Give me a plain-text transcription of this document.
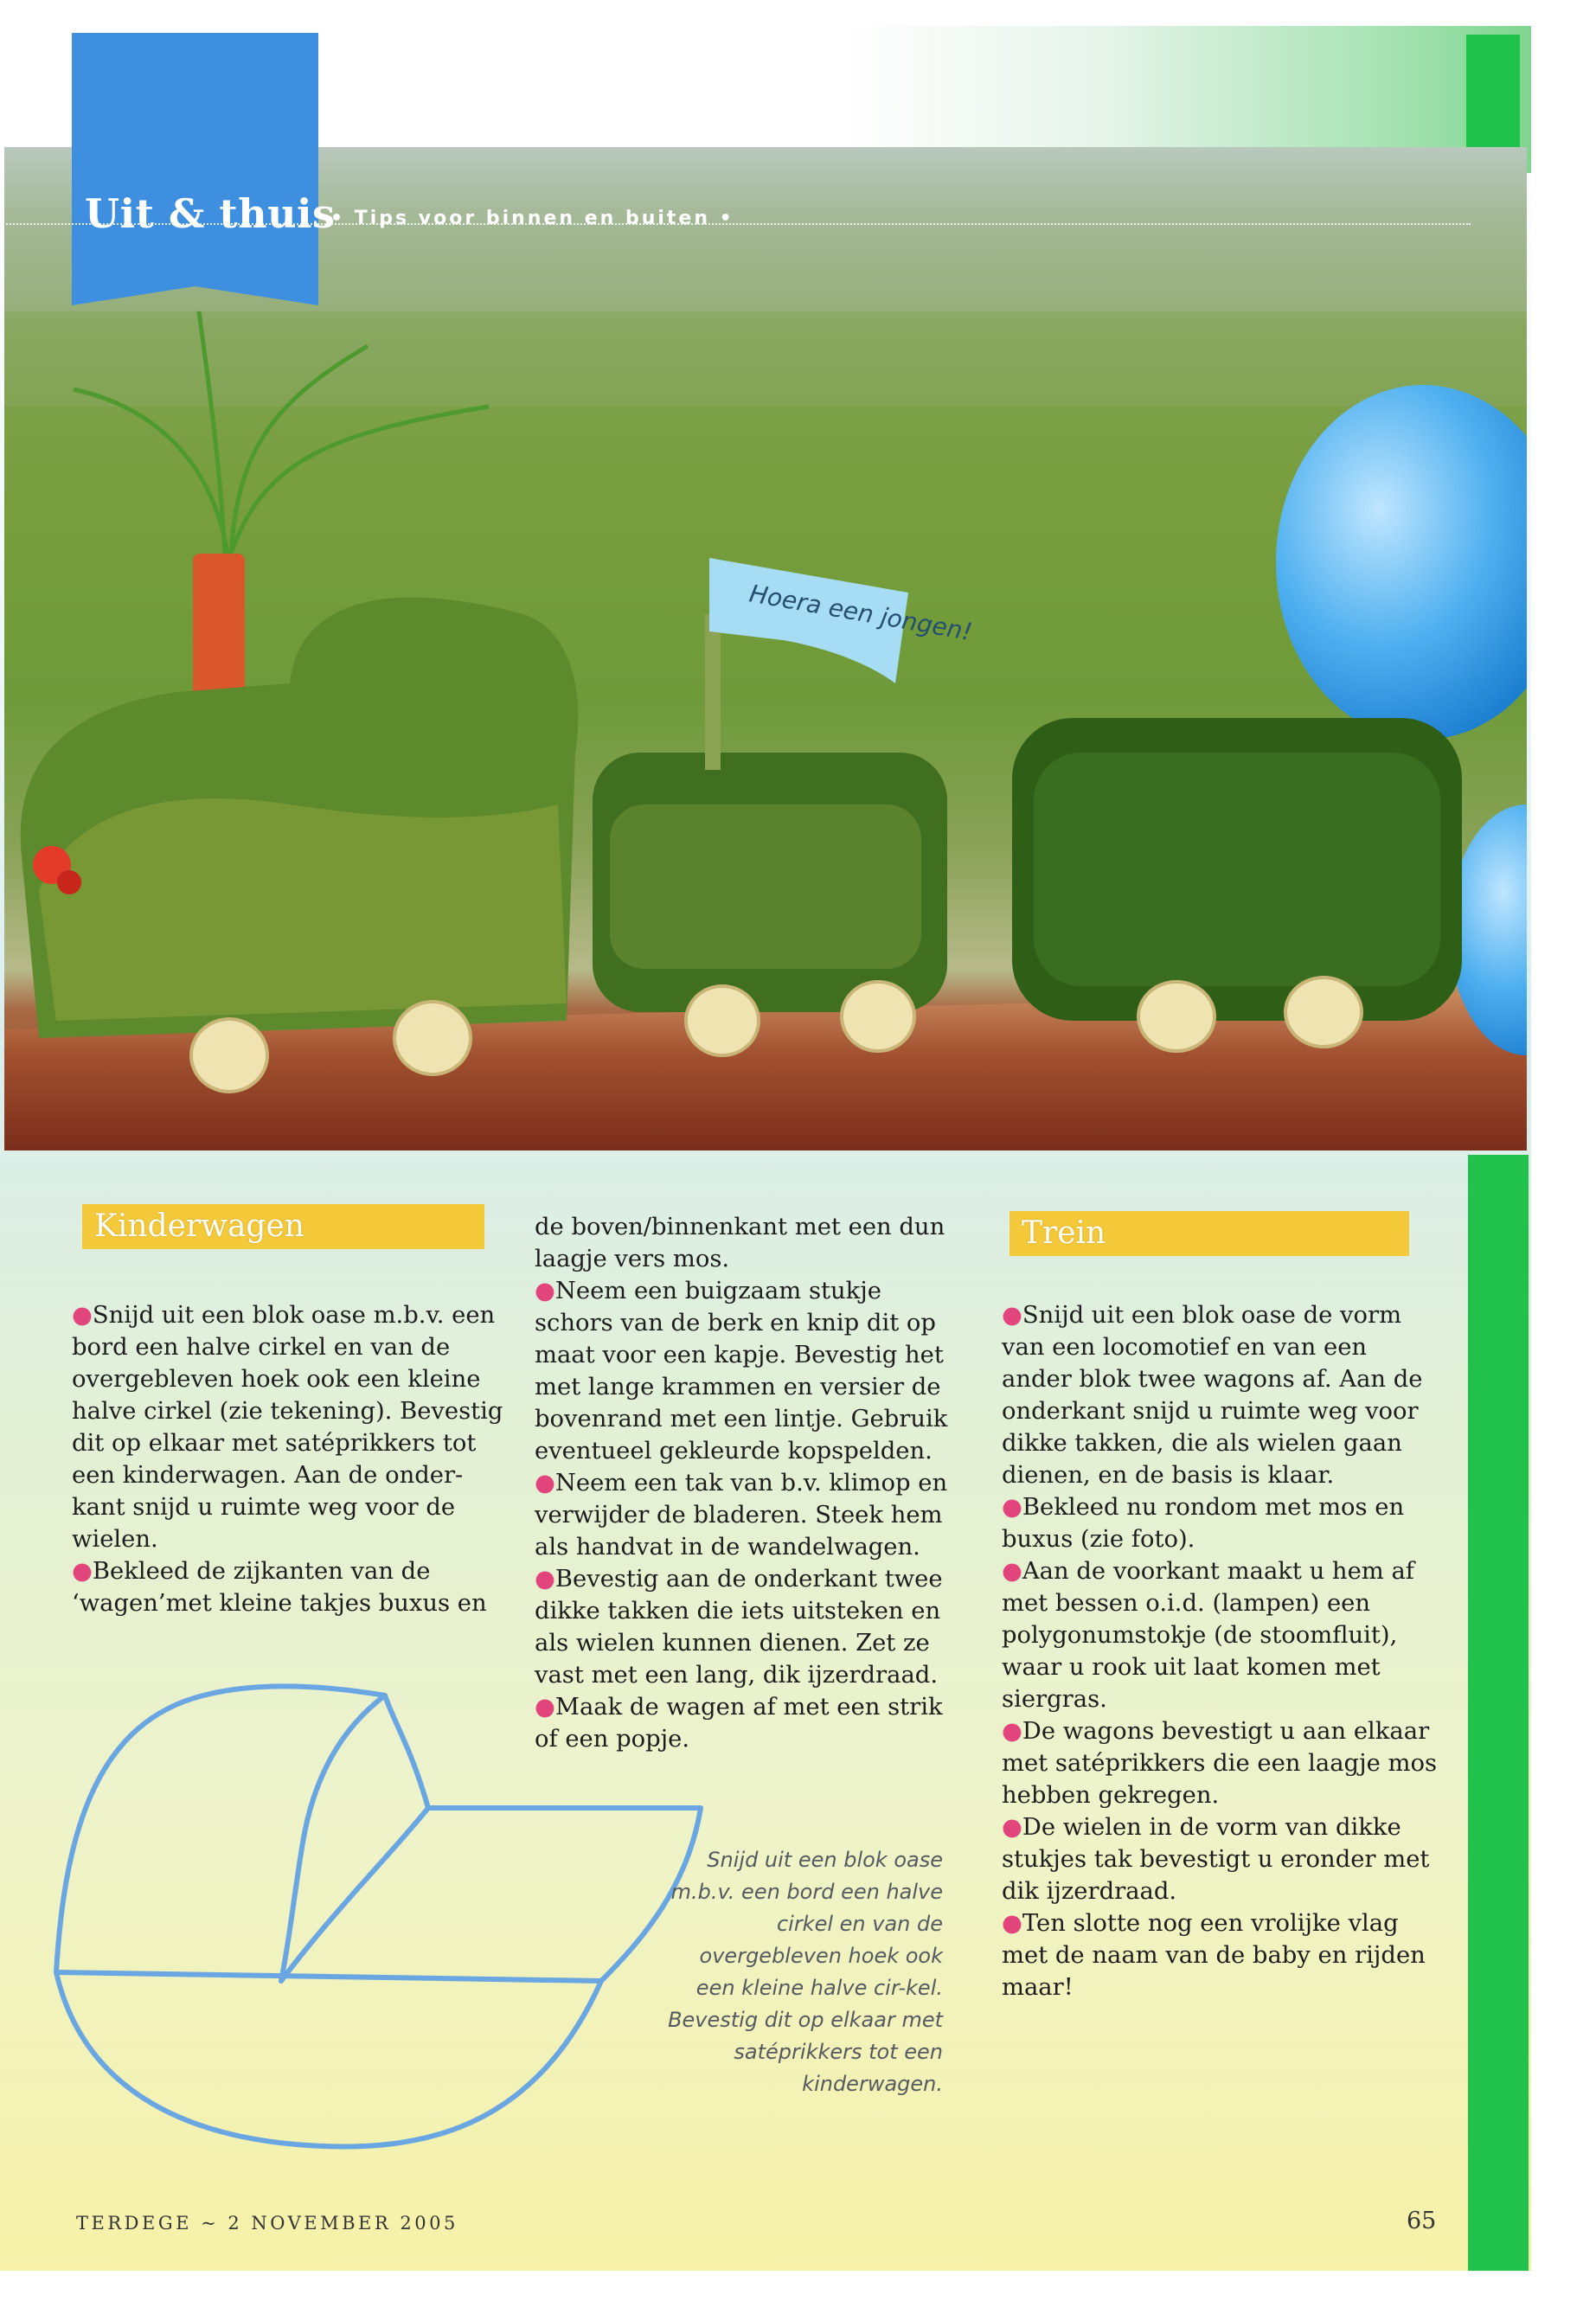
Hoera een jongen!
Uit & thuis
• Tips voor binnen en buiten •
Kinderwagen

●Snijd uit een blok oase m.b.v. een bord een halve cirkel en van de overgebleven hoek ook een kleine halve cirkel (zie tekening). Bevestig dit op elkaar met satéprikkers tot een kinderwagen. Aan de onder-kant snijd u ruimte weg voor de wielen.

●Bekleed de zijkanten van de ‘wagen’met kleine takjes buxus en

de boven/binnenkant met een dun laagje vers mos.

●Neem een buigzaam stukje schors van de berk en knip dit op maat voor een kapje. Bevestig het met lange krammen en versier de bovenrand met een lintje. Gebruik eventueel gekleurde kopspelden.

●Neem een tak van b.v. klimop en verwijder de bladeren. Steek hem als handvat in de wandelwagen.

●Bevestig aan de onderkant twee dikke takken die iets uitsteken en als wielen kunnen dienen. Zet ze vast met een lang, dik ijzerdraad.

●Maak de wagen af met een strik of een popje.

Snijd uit een blok oase m.b.v. een bord een halve cirkel en van de overgebleven hoek ook een kleine halve cir-kel. Bevestig dit op elkaar met satéprikkers tot een kinderwagen.
Trein

●Snijd uit een blok oase de vorm van een locomotief en van een ander blok twee wagons af. Aan de onderkant snijd u ruimte weg voor dikke takken, die als wielen gaan dienen, en de basis is klaar.

●Bekleed nu rondom met mos en buxus (zie foto).

●Aan de voorkant maakt u hem af met bessen o.i.d. (lampen) een polygonumstokje (de stoomfluit), waar u rook uit laat komen met siergras.

●De wagons bevestigt u aan elkaar met satéprikkers die een laagje mos hebben gekregen.

●De wielen in de vorm van dikke stukjes tak bevestigt u eronder met dik ijzerdraad.

●Ten slotte nog een vrolijke vlag met de naam van de baby en rijden maar!

TERDEGE ~ 2 NOVEMBER 2005	65
